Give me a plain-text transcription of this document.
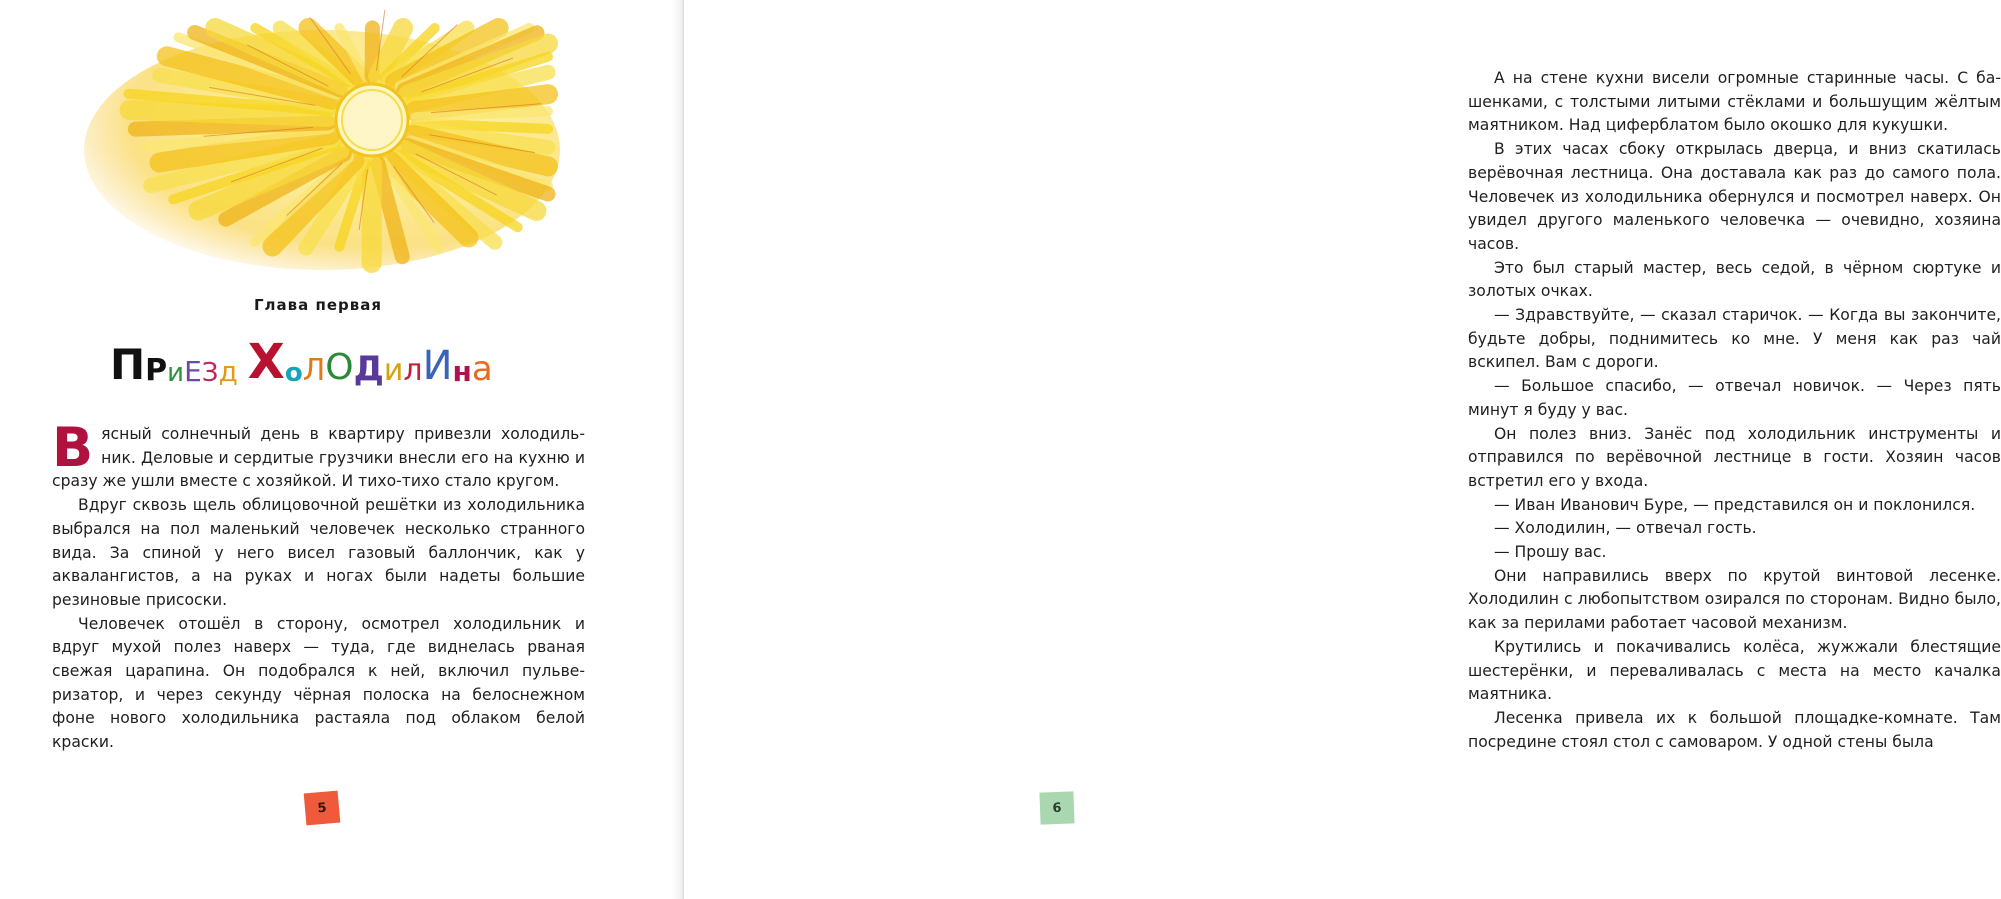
Глава первая
П Р и Е З д Х о Л О Д и л И н а

Вясный солнечный день в квартиру привезли холодильник. Деловые и сердитые грузчики внесли его на кухню и сразу же ушли вместе с хозяйкой. И тихо-тихо стало кругом.

Вдруг сквозь щель облицовочной решётки из холодильника выбрался на пол маленький человечек несколько странного вида. За спиной у него висел газовый баллончик, как у аквалангистов, а на руках и ногах были надеты большие резиновые присоски.

Человечек отошёл в сторону, осмотрел холодильник и вдруг мухой полез наверх — туда, где виднелась рваная свежая царапина. Он подобрался к ней, включил пульверизатор, и через секунду чёрная полоска на белоснежном фоне нового холодильника растаяла под облаком белой краски.

5

А на стене кухни висели огромные старинные часы. С башенками, с толстыми литыми стёклами и большущим жёлтым маятником. Над циферблатом было окошко для кукушки.

В этих часах сбоку открылась дверца, и вниз скатилась верёвочная лестница. Она доставала как раз до самого пола. Человечек из холодильника обернулся и посмотрел наверх. Он увидел другого маленького человечка — очевидно, хозяина часов.

Это был старый мастер, весь седой, в чёрном сюртуке и золотых очках.

— Здравствуйте, — сказал старичок. — Когда вы закончите, будьте добры, поднимитесь ко мне. У меня как раз чай вскипел. Вам с дороги.

— Большое спасибо, — отвечал новичок. — Через пять минут я буду у вас.

Он полез вниз. Занёс под холодильник инструменты и отправился по верёвочной лестнице в гости. Хозяин часов встретил его у входа.

— Иван Иванович Буре, — представился он и поклонился.

— Холодилин, — отвечал гость.

— Прошу вас.

Они направились вверх по крутой винтовой лесенке. Холодилин с любопытством озирался по сторонам. Видно было, как за перилами работает часовой механизм.

Крутились и покачивались колёса, жужжали блестящие шестерёнки, и переваливалась с места на место качалка маятника.

Лесенка привела их к большой площадке-комнате. Там посредине стоял стол с самоваром. У одной стены была

6
